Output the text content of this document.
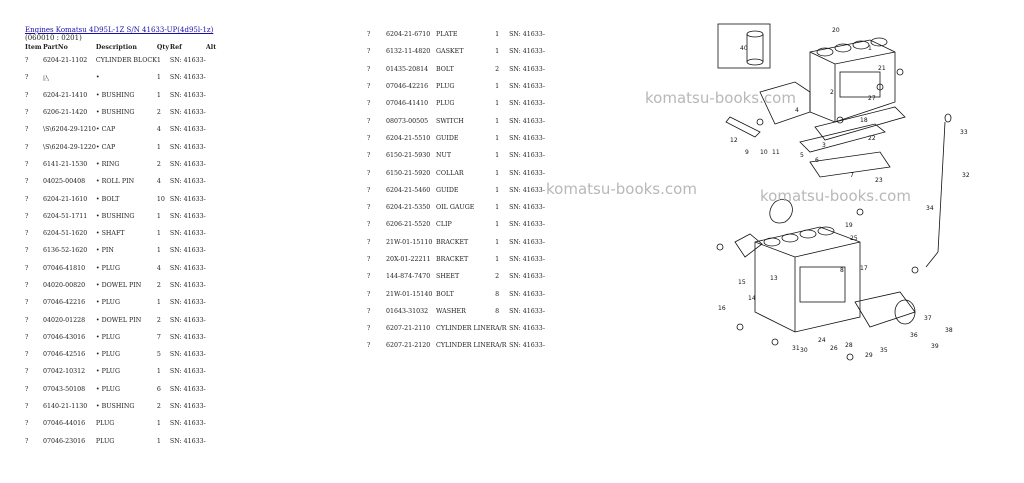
Engines Komatsu 4D95L-1Z S/N 41633-UP(4d95l-1z)
(060010 : 0201)
Item	PartNo	Description	Qty	Ref	Alt
?	6204-21-1102	CYLINDER BLOCK	1	SN: 41633-	
?	兦	•	1	SN: 41633-	
?	6204-21-1410	• BUSHING	1	SN: 41633-	
?	6206-21-1420	• BUSHING	2	SN: 41633-	
?	\S\6204-29-1210	• CAP	4	SN: 41633-	
?	\S\6204-29-1220	• CAP	1	SN: 41633-	
?	6141-21-1530	• RING	2	SN: 41633-	
?	04025-00408	• ROLL PIN	4	SN: 41633-	
?	6204-21-1610	• BOLT	10	SN: 41633-	
?	6204-51-1711	• BUSHING	1	SN: 41633-	
?	6204-51-1620	• SHAFT	1	SN: 41633-	
?	6136-52-1620	• PIN	1	SN: 41633-	
?	07046-41810	• PLUG	4	SN: 41633-	
?	04020-00820	• DOWEL PIN	2	SN: 41633-	
?	07046-42216	• PLUG	1	SN: 41633-	
?	04020-01228	• DOWEL PIN	2	SN: 41633-	
?	07046-43016	• PLUG	7	SN: 41633-	
?	07046-42516	• PLUG	5	SN: 41633-	
?	07042-10312	• PLUG	1	SN: 41633-	
?	07043-50108	• PLUG	6	SN: 41633-	
?	6140-21-1130	• BUSHING	2	SN: 41633-	
?	07046-44016	PLUG	1	SN: 41633-	
?	07046-23016	PLUG	1	SN: 41633-	
?	6204-21-6710	PLATE	1	SN: 41633-	
?	6132-11-4820	GASKET	1	SN: 41633-	
?	01435-20814	BOLT	2	SN: 41633-	
?	07046-42216	PLUG	1	SN: 41633-	
?	07046-41410	PLUG	1	SN: 41633-	
?	08073-00505	SWITCH	1	SN: 41633-	
?	6204-21-5510	GUIDE	1	SN: 41633-	
?	6150-21-5930	NUT	1	SN: 41633-	
?	6150-21-5920	COLLAR	1	SN: 41633-	
?	6204-21-5460	GUIDE	1	SN: 41633-	
?	6204-21-5350	OIL GAUGE	1	SN: 41633-	
?	6206-21-5520	CLIP	1	SN: 41633-	
?	21W-01-15110	BRACKET	1	SN: 41633-	
?	20X-01-22211	BRACKET	1	SN: 41633-	
?	144-874-7470	SHEET	2	SN: 41633-	
?	21W-01-15140	BOLT	8	SN: 41633-	
?	01643-31032	WASHER	8	SN: 41633-	
?	6207-21-2110	CYLINDER LINER	A/R	SN: 41633-	
?	6207-21-2120	CYLINDER LINER	A/R	SN: 41633-	
40
20
1
21
27
33
32
34
37
39
38
9 10 11
12
13
14
15
16
18
22
23
25
26 28
29
35
36
2
3
4
5
6
7
8	17
19
24
30
31
komatsu-books.com
komatsu-books.com	komatsu-books.com
